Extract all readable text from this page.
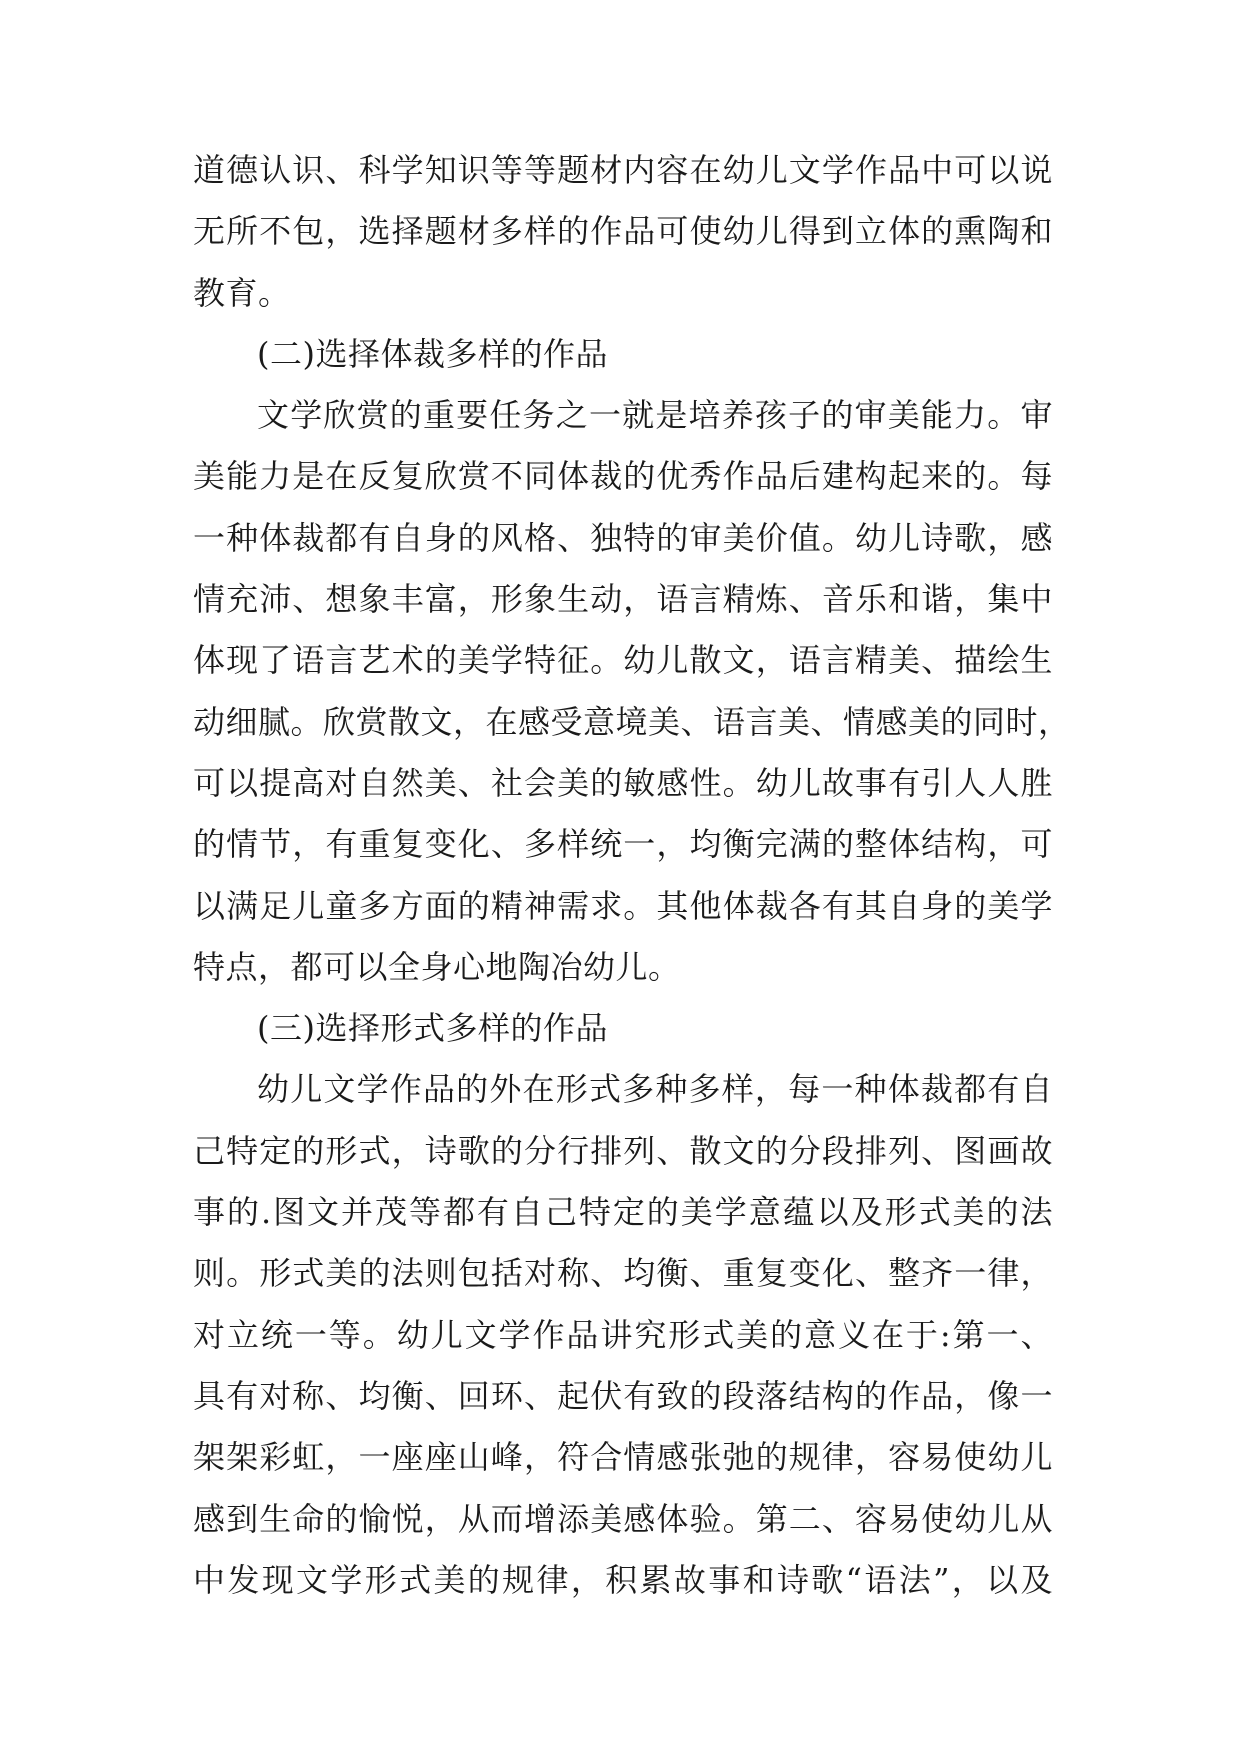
道德认识、科学知识等等题材内容在幼儿文学作品中可以说
无所不包，选择题材多样的作品可使幼儿得到立体的熏陶和
教育。
(二)选择体裁多样的作品
文学欣赏的重要任务之一就是培养孩子的审美能力。审
美能力是在反复欣赏不同体裁的优秀作品后建构起来的。每
一种体裁都有自身的风格、独特的审美价值。幼儿诗歌，感
情充沛、想象丰富，形象生动，语言精炼、音乐和谐，集中
体现了语言艺术的美学特征。幼儿散文，语言精美、描绘生
动细腻。欣赏散文，在感受意境美、语言美、情感美的同时，
可以提高对自然美、社会美的敏感性。幼儿故事有引人人胜
的情节，有重复变化、多样统一，均衡完满的整体结构，可
以满足儿童多方面的精神需求。其他体裁各有其自身的美学
特点，都可以全身心地陶冶幼儿。
(三)选择形式多样的作品
幼儿文学作品的外在形式多种多样，每一种体裁都有自
己特定的形式，诗歌的分行排列、散文的分段排列、图画故
事的.图文并茂等都有自己特定的美学意蕴以及形式美的法
则。形式美的法则包括对称、均衡、重复变化、整齐一律，
对立统一等。幼儿文学作品讲究形式美的意义在于:第一、
具有对称、均衡、回环、起伏有致的段落结构的作品，像一
架架彩虹，一座座山峰，符合情感张弛的规律，容易使幼儿
感到生命的愉悦，从而增添美感体验。第二、容易使幼儿从
中发现文学形式美的规律，积累故事和诗歌“语法”，以及
